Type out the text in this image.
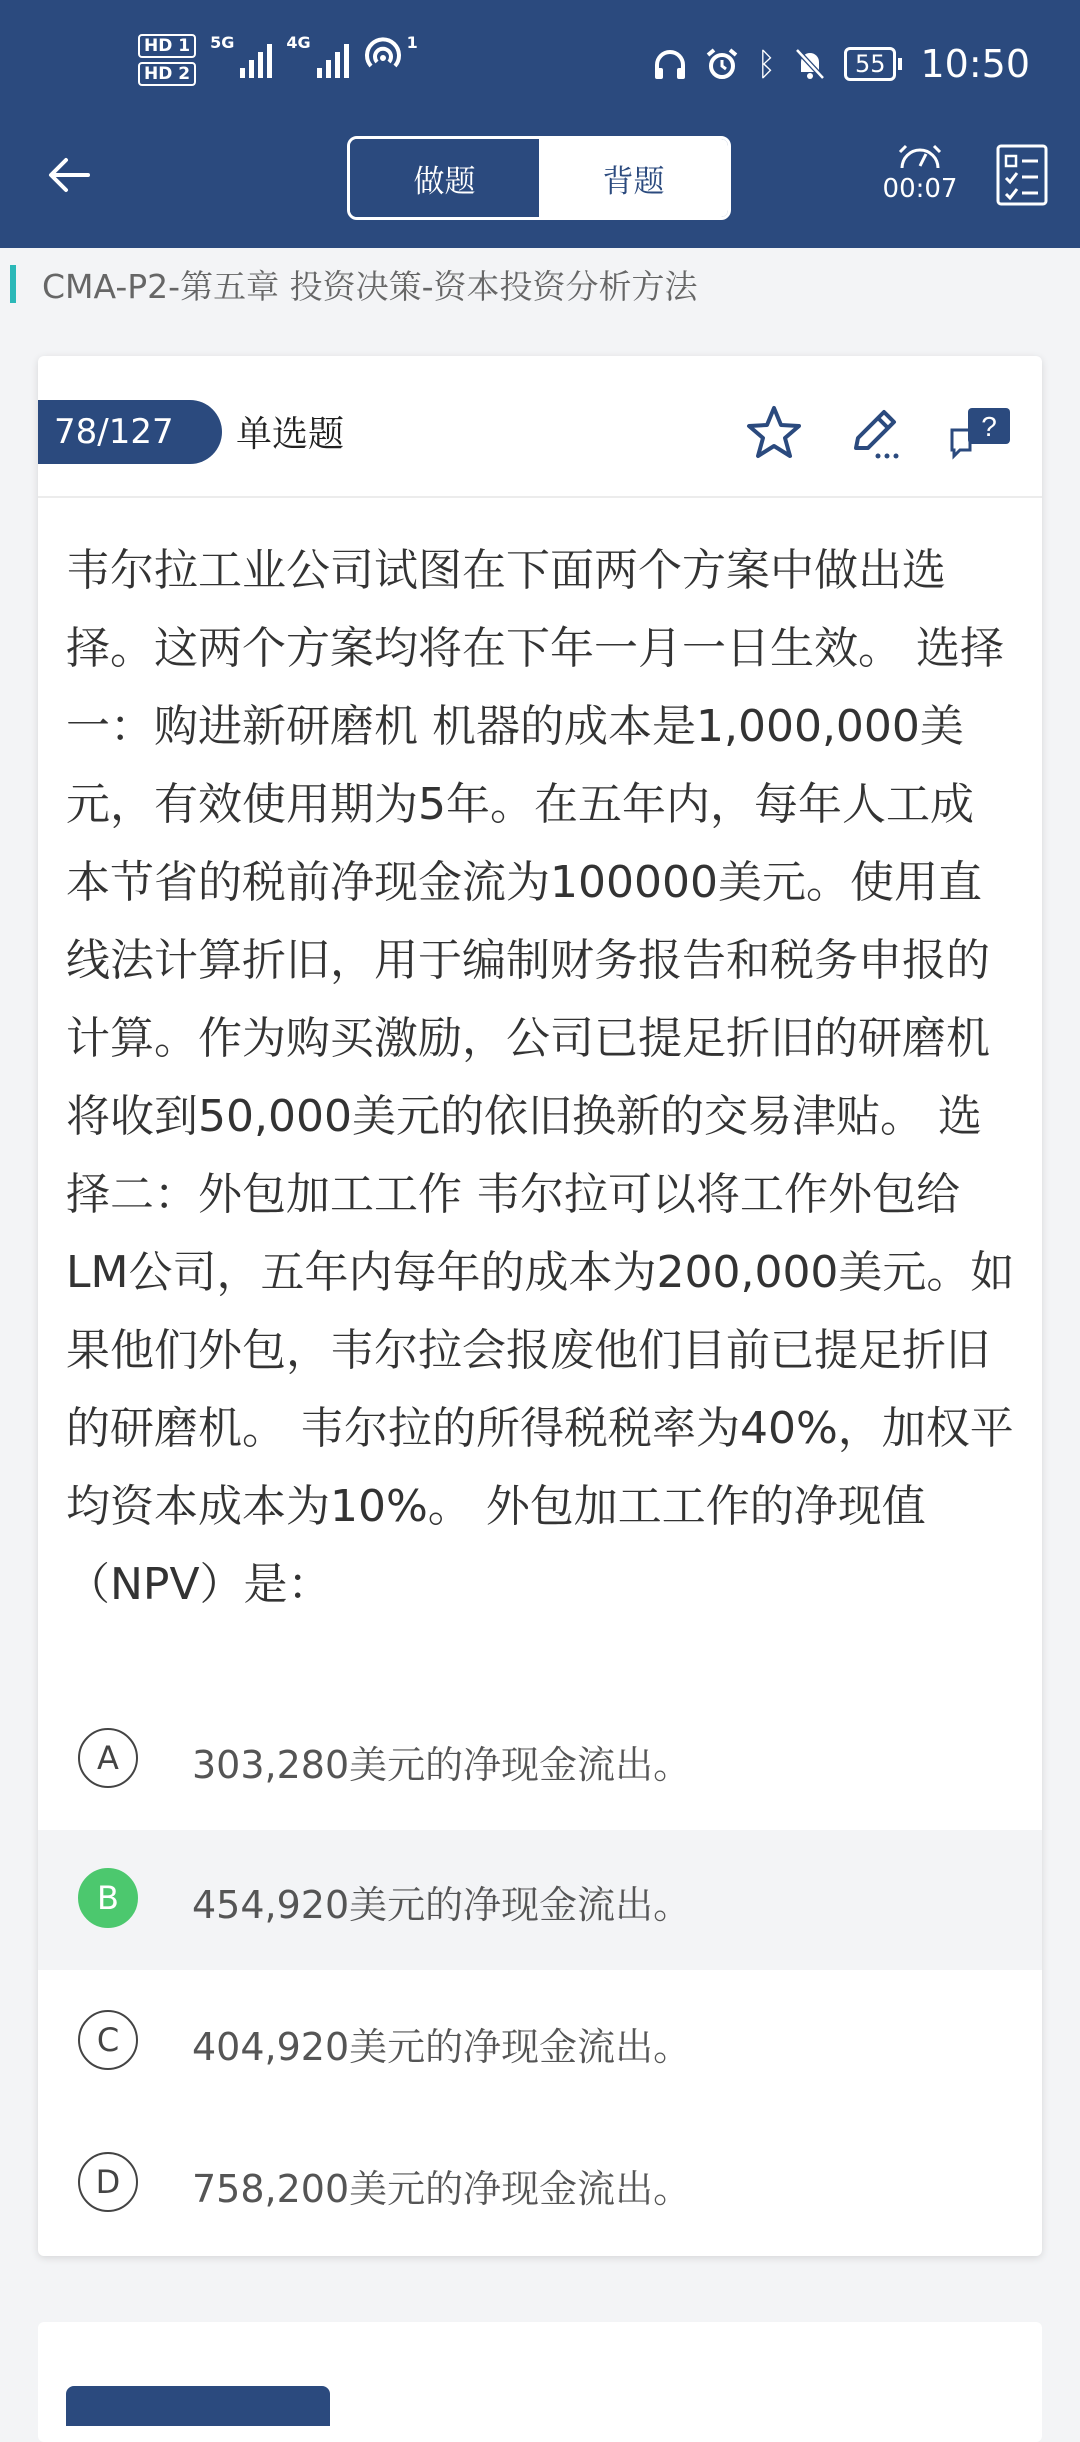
HD 1
HD 2
5G	4G	1
ᛒ	55 10:50
做题	背题	00:07
CMA-P2-第五章 投资决策-资本投资分析方法
78/127	单选题	?

韦尔拉工业公司试图在下面两个方案中做出选择。这两个方案均将在下年一月一日生效。 选择一：购进新研磨机 机器的成本是1,000,000美元，有效使用期为5年。在五年内，每年人工成本节省的税前净现金流为100000美元。使用直线法计算折旧，用于编制财务报告和税务申报的计算。作为购买激励，公司已提足折旧的研磨机将收到50,000美元的依旧换新的交易津贴。 选择二：外包加工工作 韦尔拉可以将工作外包给LM公司，五年内每年的成本为200,000美元。如果他们外包，韦尔拉会报废他们目前已提足折旧的研磨机。 韦尔拉的所得税税率为40%，加权平均资本成本为10%。 外包加工工作的净现值（NPV）是：

A	303,280美元的净现金流出。
B	454,920美元的净现金流出。
C	404,920美元的净现金流出。
D	758,200美元的净现金流出。
